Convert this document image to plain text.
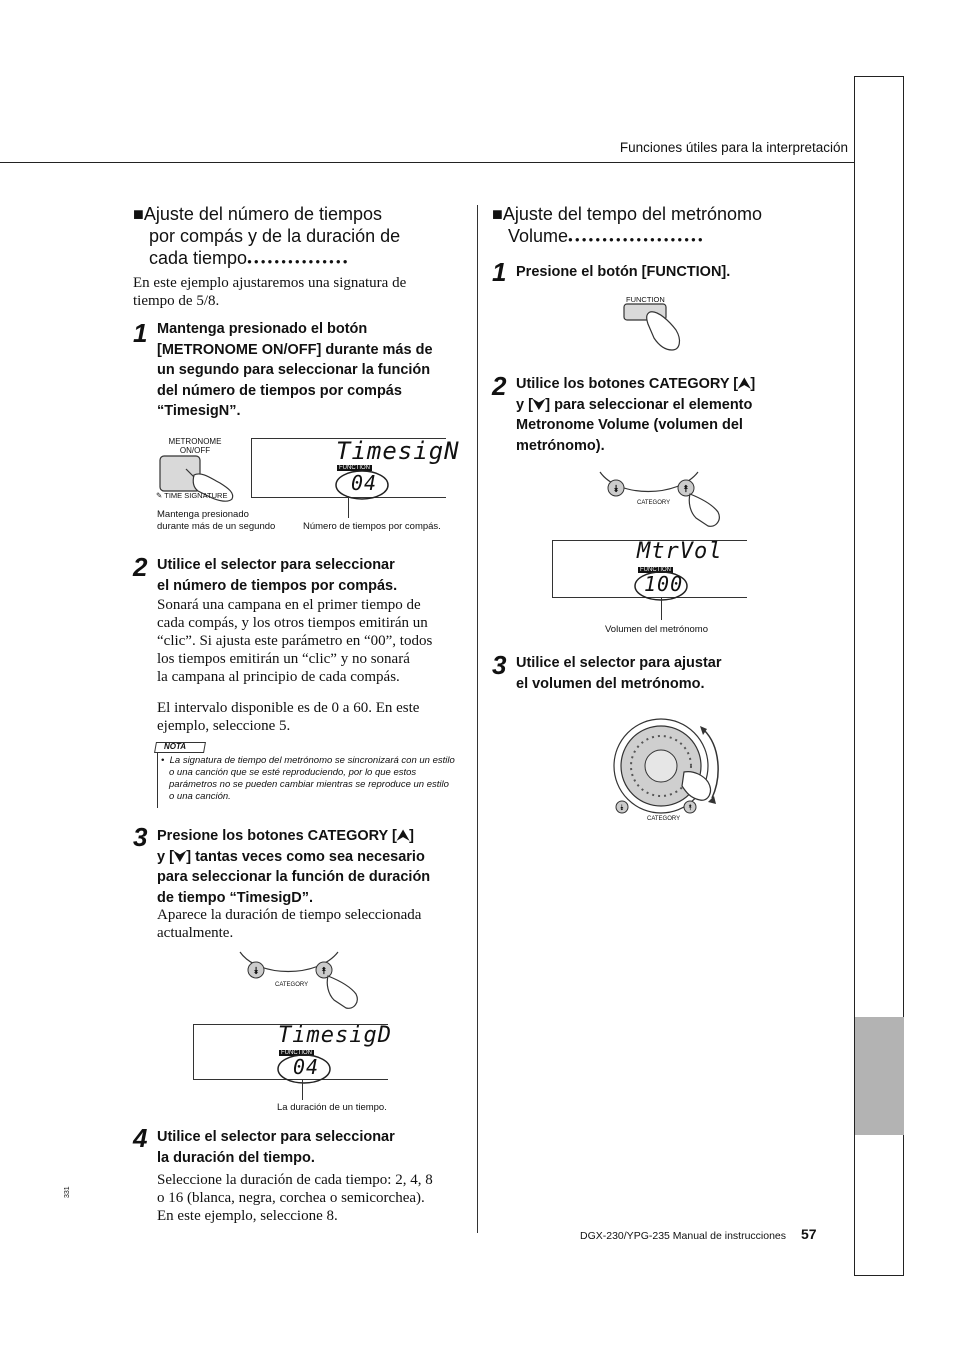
Funciones útiles para la interpretación
■Ajuste del número de tiempos
por compás y de la duración de
cada tiempo●●●●●●●●●●●●●●●
En este ejemplo ajustaremos una signatura de
tiempo de 5/8.
1 Mantenga presionado el botón
[METRONOME ON/OFF] durante más de
un segundo para seleccionar la función
del número de tiempos por compás
“TimesigN”.
METRONOME
ON/OFF
✎ TIME SIGNATURE
TimesigN
FUNCTION
04
Mantenga presionado
durante más de un segundo	Número de tiempos por compás.
2 Utilice el selector para seleccionar
el número de tiempos por compás.
Sonará una campana en el primer tiempo de
cada compás, y los otros tiempos emitirán un
“clic”. Si ajusta este parámetro en “00”, todos
los tiempos emitirán un “clic” y no sonará
la campana al principio de cada compás.
El intervalo disponible es de 0 a 60. En este
ejemplo, seleccione 5.
NOTA
•  La signatura de tiempo del metrónomo se sincronizará con un estilo
o una canción que se esté reproduciendo, por lo que estos
parámetros no se pueden cambiar mientras se reproduce un estilo
o una canción.
3 Presione los botones CATEGORY [⮝]
y [⮟] tantas veces como sea necesario
para seleccionar la función de duración
de tiempo “TimesigD”.
Aparece la duración de tiempo seleccionada
actualmente.
⯯	⯭
CATEGORY
TimesigD
FUNCTION
04
La duración de un tiempo.
4 Utilice el selector para seleccionar
la duración del tiempo.
Seleccione la duración de cada tiempo: 2, 4, 8
o 16 (blanca, negra, corchea o semicorchea).
En este ejemplo, seleccione 8.
■Ajuste del tempo del metrónomo
Volume●●●●●●●●●●●●●●●●●●●●
1 Presione el botón [FUNCTION].
FUNCTION
2 Utilice los botones CATEGORY [⮝]
y [⮟] para seleccionar el elemento
Metronome Volume (volumen del
metrónomo).
⯯	⯭
CATEGORY
MtrVol
FUNCTION
100
Volumen del metrónomo
3 Utilice el selector para ajustar
el volumen del metrónomo.
⯯	⯭
CATEGORY
331
DGX-230/YPG-235 Manual de instrucciones 57
